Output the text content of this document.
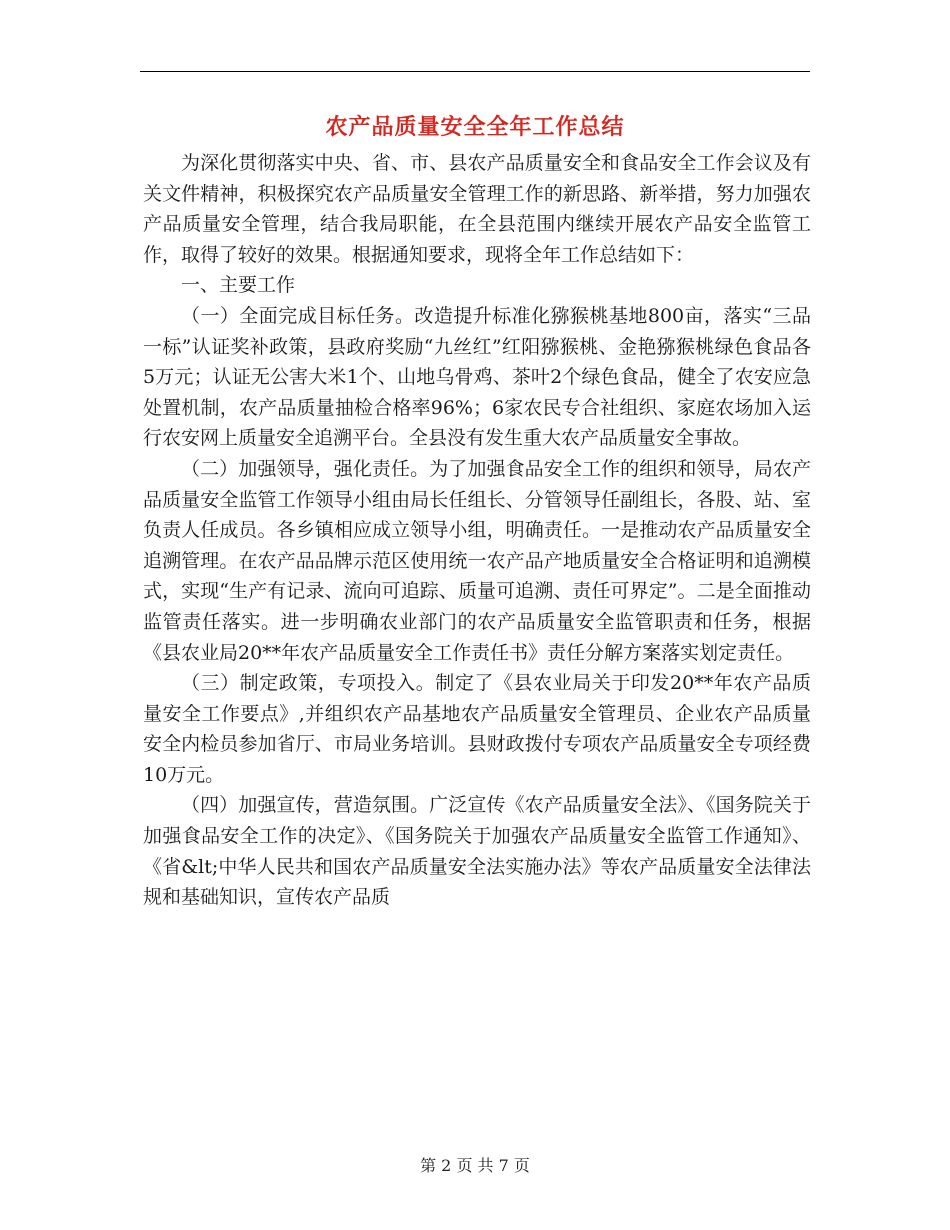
农产品质量安全全年工作总结

为深化贯彻落实中央、省、市、县农产品质量安全和食品安全工作会议及有关文件精神，积极探究农产品质量安全管理工作的新思路、新举措，努力加强农产品质量安全管理，结合我局职能，在全县范围内继续开展农产品安全监管工作，取得了较好的效果。根据通知要求，现将全年工作总结如下：

一、主要工作

（一）全面完成目标任务。改造提升标准化猕猴桃基地800亩，落实“三品一标”认证奖补政策，县政府奖励“九丝红”红阳猕猴桃、金艳猕猴桃绿色食品各5万元；认证无公害大米1个、山地乌骨鸡、茶叶2个绿色食品，健全了农安应急处置机制，农产品质量抽检合格率96%；6家农民专合社组织、家庭农场加入运行农安网上质量安全追溯平台。全县没有发生重大农产品质量安全事故。

（二）加强领导，强化责任。为了加强食品安全工作的组织和领导，局农产品质量安全监管工作领导小组由局长任组长、分管领导任副组长，各股、站、室负责人任成员。各乡镇相应成立领导小组，明确责任。一是推动农产品质量安全追溯管理。在农产品品牌示范区使用统一农产品产地质量安全合格证明和追溯模式，实现“生产有记录、流向可追踪、质量可追溯、责任可界定”。二是全面推动监管责任落实。进一步明确农业部门的农产品质量安全监管职责和任务，根据《县农业局20**年农产品质量安全工作责任书》责任分解方案落实划定责任。

（三）制定政策，专项投入。制定了《县农业局关于印发20**年农产品质量安全工作要点》,并组织农产品基地农产品质量安全管理员、企业农产品质量安全内检员参加省厅、市局业务培训。县财政拨付专项农产品质量安全专项经费10万元。

（四）加强宣传，营造氛围。广泛宣传《农产品质量安全法》、《国务院关于加强食品安全工作的决定》、《国务院关于加强农产品质量安全监管工作通知》、《省&lt;中华人民共和国农产品质量安全法实施办法》等农产品质量安全法律法规和基础知识，宣传农产品质

第 2 页 共 7 页
